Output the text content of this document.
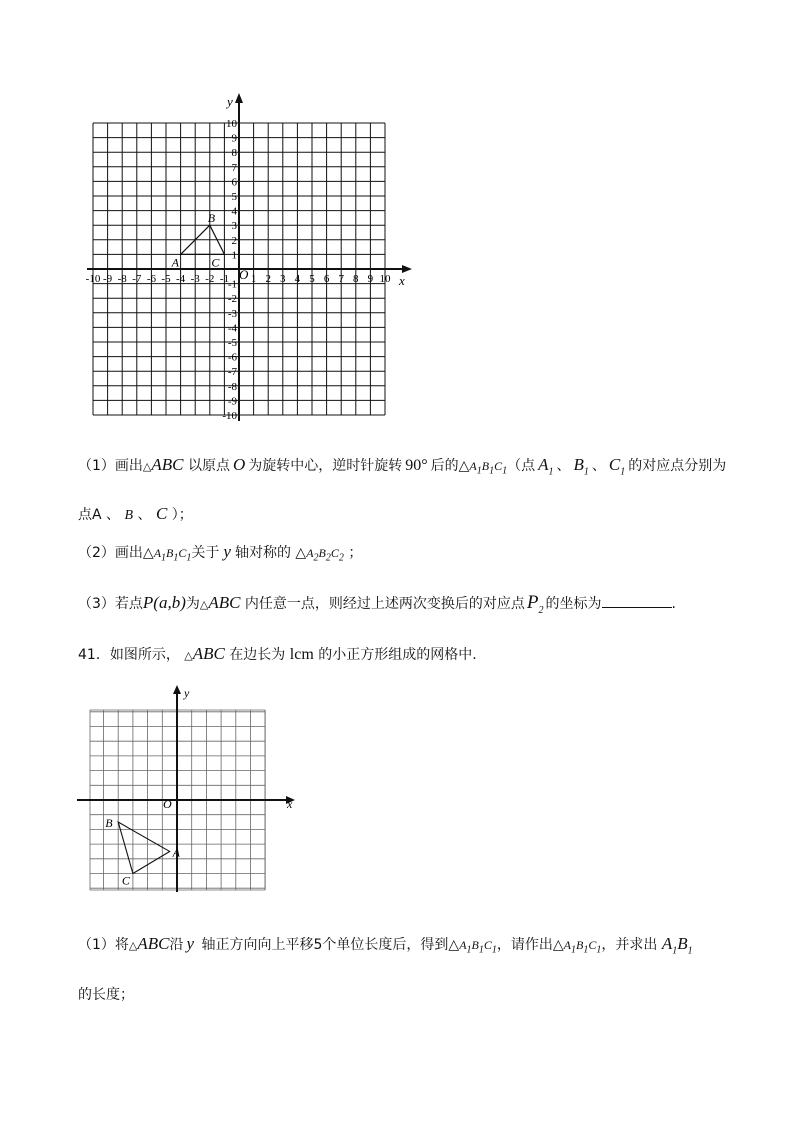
-10 -9 -8 -7 -6 -5 -4 -3 -2 -1 1 2 3 4 5 6 7 8 9 10
10
9
8
7
6
5
4
3
2
1
-1
-2
-3
-4
-5
-6
-7
-8
-9
-10
A
B
C
O	x
y
（1）画出△ABC 以原点 O 为旋转中心，逆时针旋转 90° 后的$\triangle A_1B_1C_1$（点 $A_1$ 、 $B_1$ 、 $C_1$ 的对应点分别为
点A 、 B 、 C ）；
（2）画出$\triangle A_1B_1C_1$关于 y 轴对称的 $\triangle A_2B_2C_2$ ；
（3）若点P(a,b)为△ABC 内任意一点，则经过上述两次变换后的对应点 $P_2$ 的坐标为	.
41．如图所示， △ABC 在边长为 lcm 的小正方形组成的网格中.
A
B
C
O	x
y
（1）将△ABC沿 y 轴正方向向上平移5个单位长度后，得到$\triangle A_1B_1C_1$，请作出$\triangle A_1B_1C_1$，并求出 $A_1B_1$
的长度；
